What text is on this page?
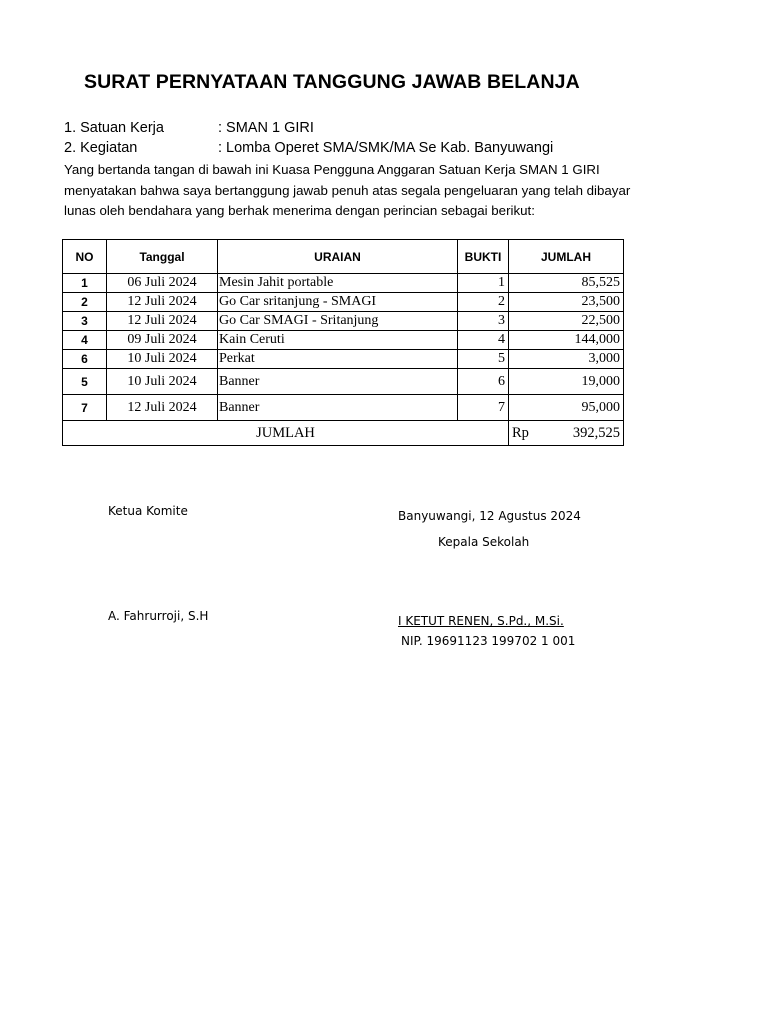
SURAT PERNYATAAN TANGGUNG JAWAB BELANJA
1. Satuan Kerja	: SMAN 1 GIRI
2. Kegiatan	: Lomba Operet SMA/SMK/MA Se Kab. Banyuwangi
Yang bertanda tangan di bawah ini Kuasa Pengguna Anggaran Satuan Kerja SMAN 1 GIRI
menyatakan bahwa saya bertanggung jawab penuh atas segala pengeluaran yang telah dibayar
lunas oleh bendahara yang berhak menerima dengan perincian sebagai berikut:
NO	Tanggal	URAIAN	BUKTI	JUMLAH
1	06 Juli 2024	Mesin Jahit portable	1	85,525
2	12 Juli 2024	Go Car sritanjung - SMAGI	2	23,500
3	12 Juli 2024	Go Car SMAGI - Sritanjung	3	22,500
4	09 Juli 2024	Kain Ceruti	4	144,000
6	10 Juli 2024	Perkat	5	3,000
5	10 Juli 2024	Banner	6	19,000
7	12 Juli 2024	Banner	7	95,000
JUMLAH				Rp 392,525
Ketua Komite
A. Fahrurroji, S.H
Banyuwangi, 12 Agustus 2024
Kepala Sekolah
I KETUT RENEN, S.Pd., M.Si.
NIP. 19691123 199702 1 001
